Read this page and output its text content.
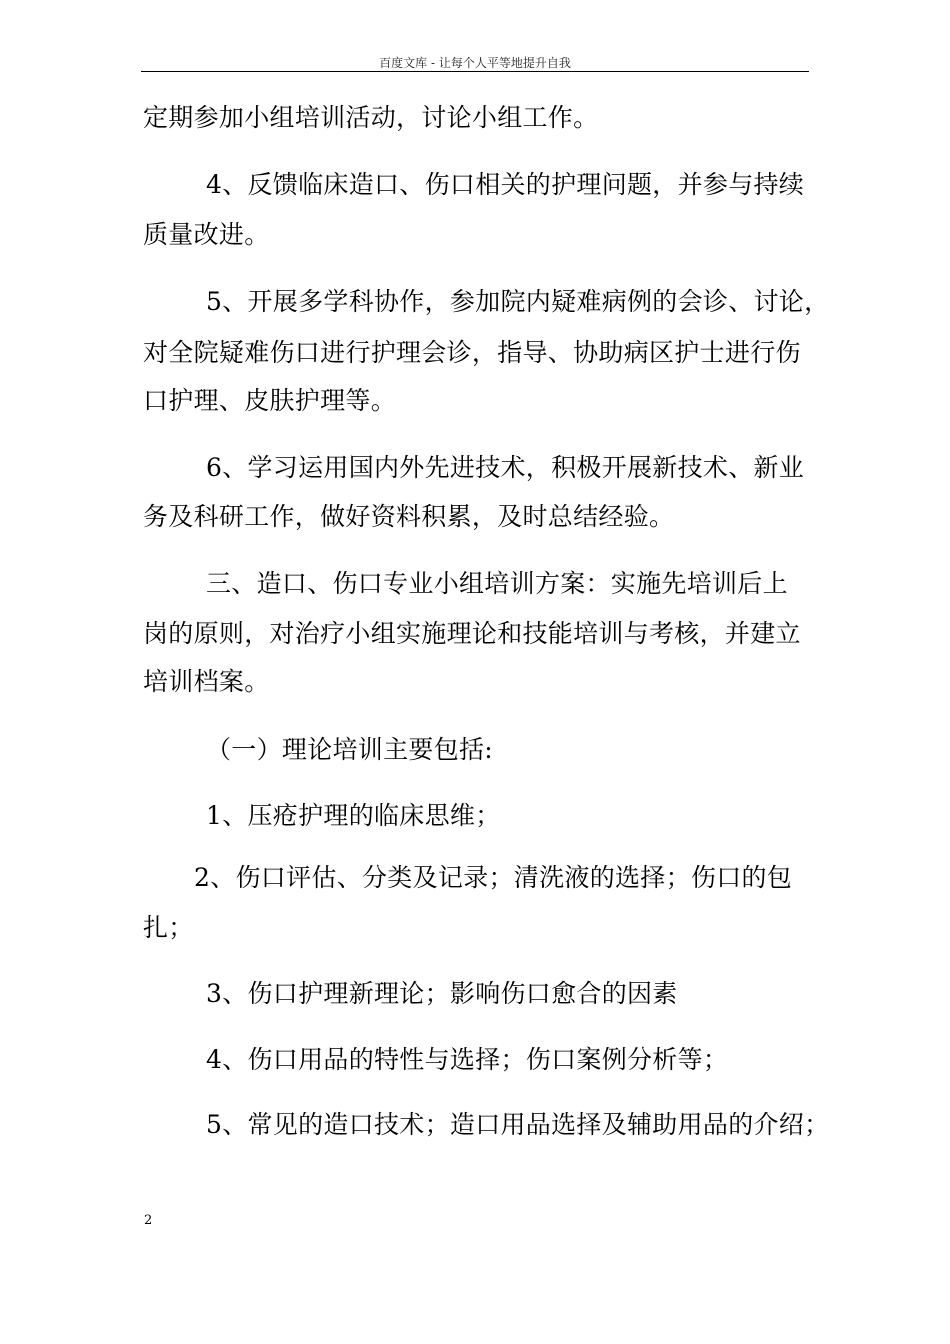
百度文库 - 让每个人平等地提升自我
定期参加小组培训活动，讨论小组工作。
4、反馈临床造口、伤口相关的护理问题，并参与持续
质量改进。
5、开展多学科协作，参加院内疑难病例的会诊、讨论，
对全院疑难伤口进行护理会诊，指导、协助病区护士进行伤
口护理、皮肤护理等。
6、学习运用国内外先进技术，积极开展新技术、新业
务及科研工作，做好资料积累，及时总结经验。
三、造口、伤口专业小组培训方案：实施先培训后上
岗的原则，对治疗小组实施理论和技能培训与考核，并建立
培训档案。
（一）理论培训主要包括:
1、压疮护理的临床思维；
2、伤口评估、分类及记录；清洗液的选择；伤口的包
扎；
3、伤口护理新理论；影响伤口愈合的因素
4、伤口用品的特性与选择；伤口案例分析等；
5、常见的造口技术；造口用品选择及辅助用品的介绍；
2
